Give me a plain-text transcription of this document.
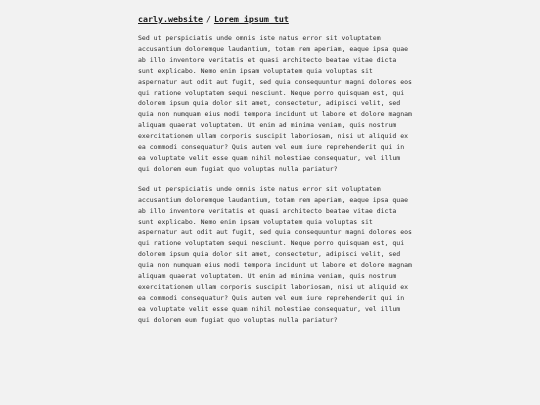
carly.website / Lorem ipsum tut

Sed ut perspiciatis unde omnis iste natus error sit voluptatem
accusantium doloremque laudantium, totam rem aperiam, eaque ipsa quae
ab illo inventore veritatis et quasi architecto beatae vitae dicta
sunt explicabo. Nemo enim ipsam voluptatem quia voluptas sit
aspernatur aut odit aut fugit, sed quia consequuntur magni dolores eos
qui ratione voluptatem sequi nesciunt. Neque porro quisquam est, qui
dolorem ipsum quia dolor sit amet, consectetur, adipisci velit, sed
quia non numquam eius modi tempora incidunt ut labore et dolore magnam
aliquam quaerat voluptatem. Ut enim ad minima veniam, quis nostrum
exercitationem ullam corporis suscipit laboriosam, nisi ut aliquid ex
ea commodi consequatur? Quis autem vel eum iure reprehenderit qui in
ea voluptate velit esse quam nihil molestiae consequatur, vel illum
qui dolorem eum fugiat quo voluptas nulla pariatur?

Sed ut perspiciatis unde omnis iste natus error sit voluptatem
accusantium doloremque laudantium, totam rem aperiam, eaque ipsa quae
ab illo inventore veritatis et quasi architecto beatae vitae dicta
sunt explicabo. Nemo enim ipsam voluptatem quia voluptas sit
aspernatur aut odit aut fugit, sed quia consequuntur magni dolores eos
qui ratione voluptatem sequi nesciunt. Neque porro quisquam est, qui
dolorem ipsum quia dolor sit amet, consectetur, adipisci velit, sed
quia non numquam eius modi tempora incidunt ut labore et dolore magnam
aliquam quaerat voluptatem. Ut enim ad minima veniam, quis nostrum
exercitationem ullam corporis suscipit laboriosam, nisi ut aliquid ex
ea commodi consequatur? Quis autem vel eum iure reprehenderit qui in
ea voluptate velit esse quam nihil molestiae consequatur, vel illum
qui dolorem eum fugiat quo voluptas nulla pariatur?
